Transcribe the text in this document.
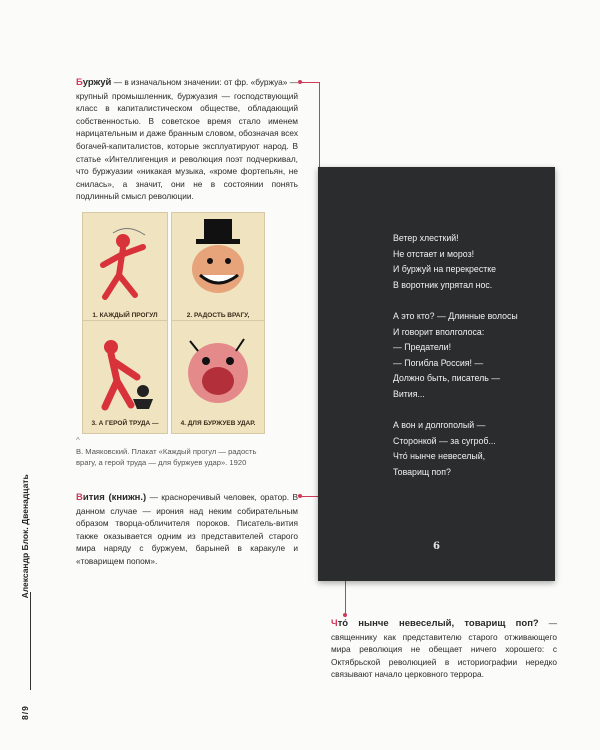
Буржуй — в изначальном значении: от фр. «буржуа» — крупный промышленник, буржуазия — господствующий класс в капиталистическом обществе, обладающий собственностью. В советское время стало именем нарицательным и даже бранным словом, обозначая всех богачей-капиталистов, которые эксплуатируют народ. В статье «Интеллигенция и революция поэт подчеркивал, что буржуазии «никакая музыка, «кроме фортепьян, не снилась», а значит, они не в состоянии понять подлинный смысл революции.
1. КАЖДЫЙ ПРОГУЛ	2. РАДОСТЬ ВРАГУ,
3. А ГЕРОЙ ТРУДА —	4. ДЛЯ БУРЖУЕВ УДАР.
^
В. Маяковский. Плакат «Каждый прогул — радость врагу, а герой труда — для буржуев удар». 1920
Вития (книжн.) — красноречивый человек, оратор. В данном случае — ирония над неким собирательным образом творца-обличителя пороков. Писатель-вития также оказывается одним из представителей старого мира наряду с буржуем, барыней в каракуле и «товарищем попом».
Ветер хлесткий!
Не отстает и мороз!
И буржуй на перекрестке
В воротник упрятал нос.
А это кто? — Длинные волосы
И говорит вполголоса:
— Предатели!
— Погибла Россия! —
Должно быть, писатель —
Вития...
А вон и долгополый —
Сторонкой — за сугроб...
Что́ нынче невеселый,
Товарищ поп?
6
Что́ нынче невеселый, товарищ поп? — священнику как представителю старого отживающего мира революция не обещает ничего хорошего: с Октябрьской революцией в историографии нередко связывают начало церковного террора.
8/9  Александр Блок. Двенадцать
